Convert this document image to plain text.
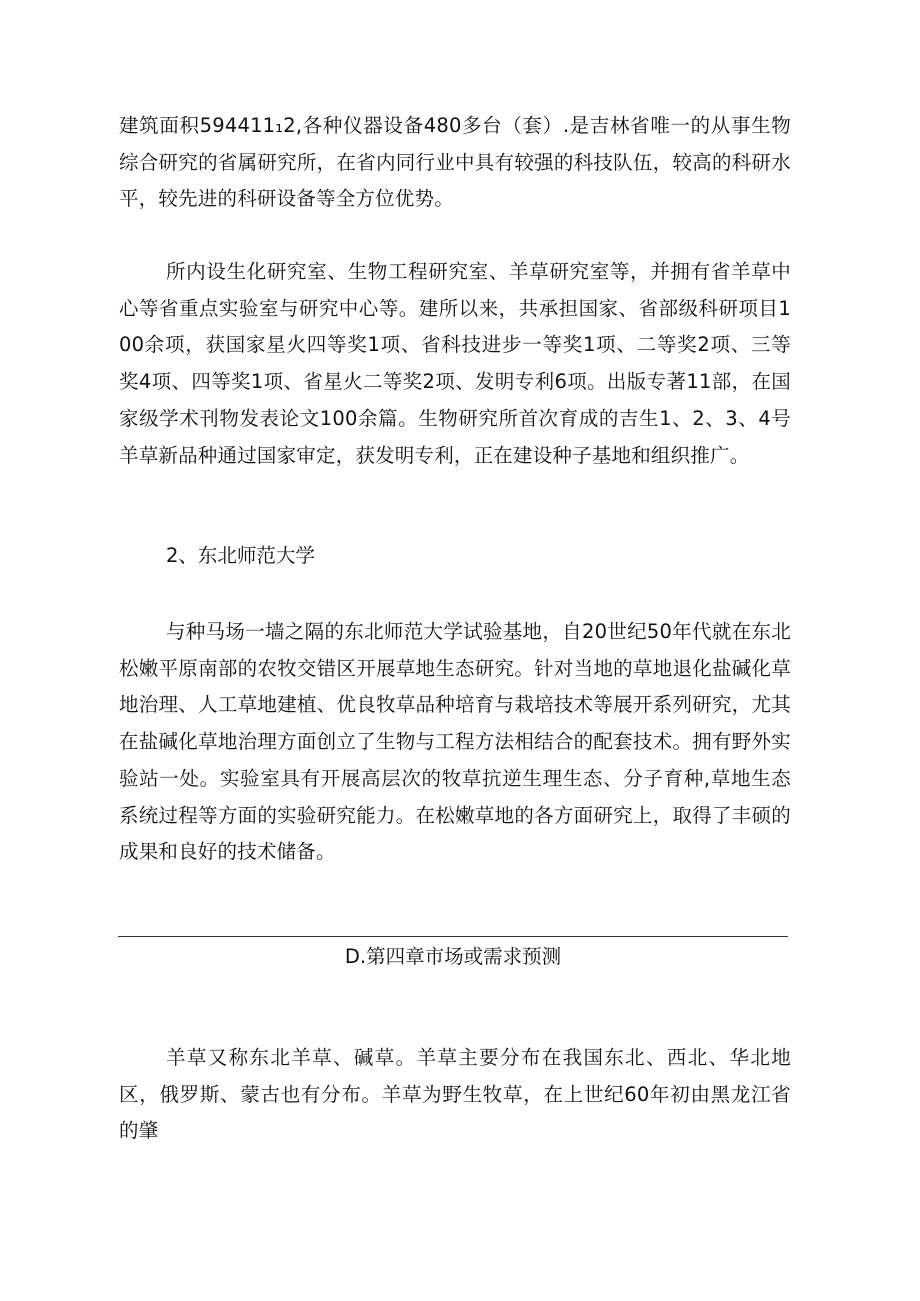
建筑面积594411₁2,各种仪器设备480多台（套）.是吉林省唯一的从事生物综合研究的省属研究所，在省内同行业中具有较强的科技队伍，较高的科研水平，较先进的科研设备等全方位优势。

所内设生化研究室、生物工程研究室、羊草研究室等，并拥有省羊草中心等省重点实验室与研究中心等。建所以来，共承担国家、省部级科研项目100余项，获国家星火四等奖1项、省科技进步一等奖1项、二等奖2项、三等奖4项、四等奖1项、省星火二等奖2项、发明专利6项。出版专著11部，在国家级学术刊物发表论文100余篇。生物研究所首次育成的吉生1、2、3、4号羊草新品种通过国家审定，获发明专利，正在建设种子基地和组织推广。

2、东北师范大学

与种马场一墙之隔的东北师范大学试验基地，自20世纪50年代就在东北松嫩平原南部的农牧交错区开展草地生态研究。针对当地的草地退化盐碱化草地治理、人工草地建植、优良牧草品种培育与栽培技术等展开系列研究，尤其在盐碱化草地治理方面创立了生物与工程方法相结合的配套技术。拥有野外实验站一处。实验室具有开展高层次的牧草抗逆生理生态、分子育种,草地生态系统过程等方面的实验研究能力。在松嫩草地的各方面研究上，取得了丰硕的成果和良好的技术储备。

D.第四章市场或需求预测

羊草又称东北羊草、碱草。羊草主要分布在我国东北、西北、华北地区，俄罗斯、蒙古也有分布。羊草为野生牧草，在上世纪60年初由黑龙江省的肇
